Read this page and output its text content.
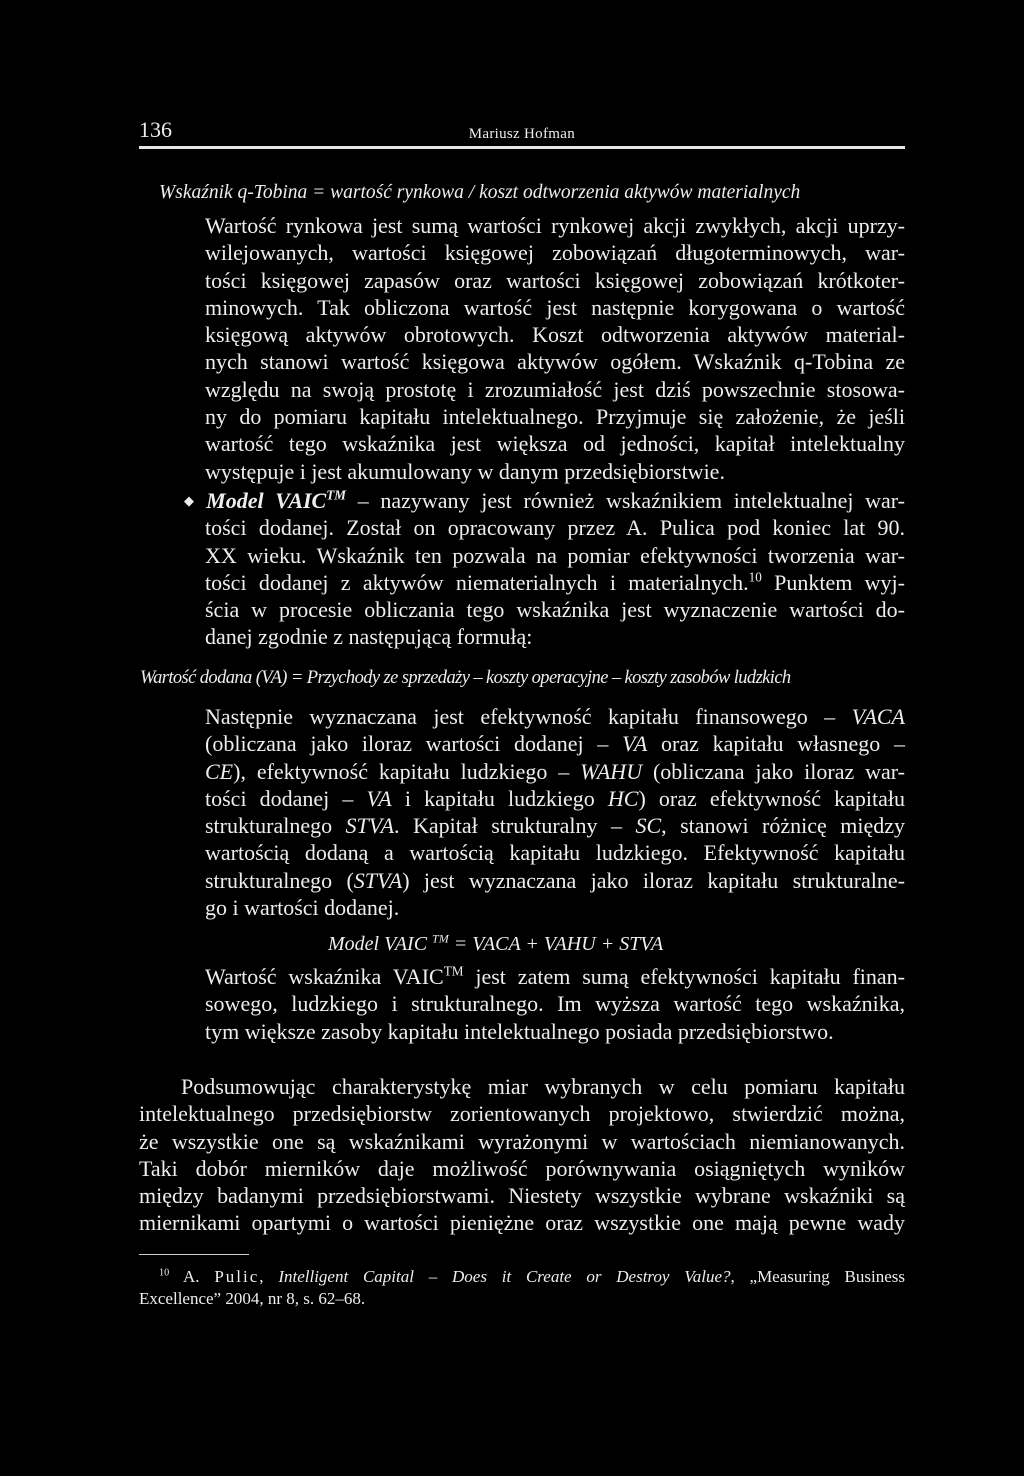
136	Mariusz Hofman

Wskaźnik q-Tobina = wartość rynkowa / koszt odtworzenia aktywów materialnych

Wartość rynkowa jest sumą wartości rynkowej akcji zwykłych, akcji uprzy-
wilejowanych, wartości księgowej zobowiązań długoterminowych, war-
tości księgowej zapasów oraz wartości księgowej zobowiązań krótkoter-
minowych. Tak obliczona wartość jest następnie korygowana o wartość
księgową aktywów obrotowych. Koszt odtworzenia aktywów material-
nych stanowi wartość księgowa aktywów ogółem. Wskaźnik q-Tobina ze
względu na swoją prostotę i zrozumiałość jest dziś powszechnie stosowa-
ny do pomiaru kapitału intelektualnego. Przyjmuje się założenie, że jeśli
wartość tego wskaźnika jest większa od jedności, kapitał intelektualny
występuje i jest akumulowany w danym przedsiębiorstwie.
◆ Model VAIC™ – nazywany jest również wskaźnikiem intelektualnej war-
tości dodanej. Został on opracowany przez A. Pulica pod koniec lat 90.
XX wieku. Wskaźnik ten pozwala na pomiar efektywności tworzenia war-
tości dodanej z aktywów niematerialnych i materialnych.$^{10}$ Punktem wyj-
ścia w procesie obliczania tego wskaźnika jest wyznaczenie wartości do-
danej zgodnie z następującą formułą:

Wartość dodana (VA) = Przychody ze sprzedaży – koszty operacyjne – koszty zasobów ludzkich

Następnie wyznaczana jest efektywność kapitału finansowego – VACA
(obliczana jako iloraz wartości dodanej – VA oraz kapitału własnego –
CE), efektywność kapitału ludzkiego – WAHU (obliczana jako iloraz war-
tości dodanej – VA i kapitału ludzkiego HC) oraz efektywność kapitału
strukturalnego STVA. Kapitał strukturalny – SC, stanowi różnicę między
wartością dodaną a wartością kapitału ludzkiego. Efektywność kapitału
strukturalnego (STVA) jest wyznaczana jako iloraz kapitału strukturalne-
go i wartości dodanej.

Model VAIC ™ = VACA + VAHU + STVA

Wartość wskaźnika VAIC™ jest zatem sumą efektywności kapitału finan-
sowego, ludzkiego i strukturalnego. Im wyższa wartość tego wskaźnika,
tym większe zasoby kapitału intelektualnego posiada przedsiębiorstwo.
Podsumowując charakterystykę miar wybranych w celu pomiaru kapitału
intelektualnego przedsiębiorstw zorientowanych projektowo, stwierdzić można,
że wszystkie one są wskaźnikami wyrażonymi w wartościach niemianowanych.
Taki dobór mierników daje możliwość porównywania osiągniętych wyników
między badanymi przedsiębiorstwami. Niestety wszystkie wybrane wskaźniki są
miernikami opartymi o wartości pieniężne oraz wszystkie one mają pewne wady
$^{10}$ A. Pulic, Intelligent Capital – Does it Create or Destroy Value?, „Measuring Business
Excellence” 2004, nr 8, s. 62–68.
